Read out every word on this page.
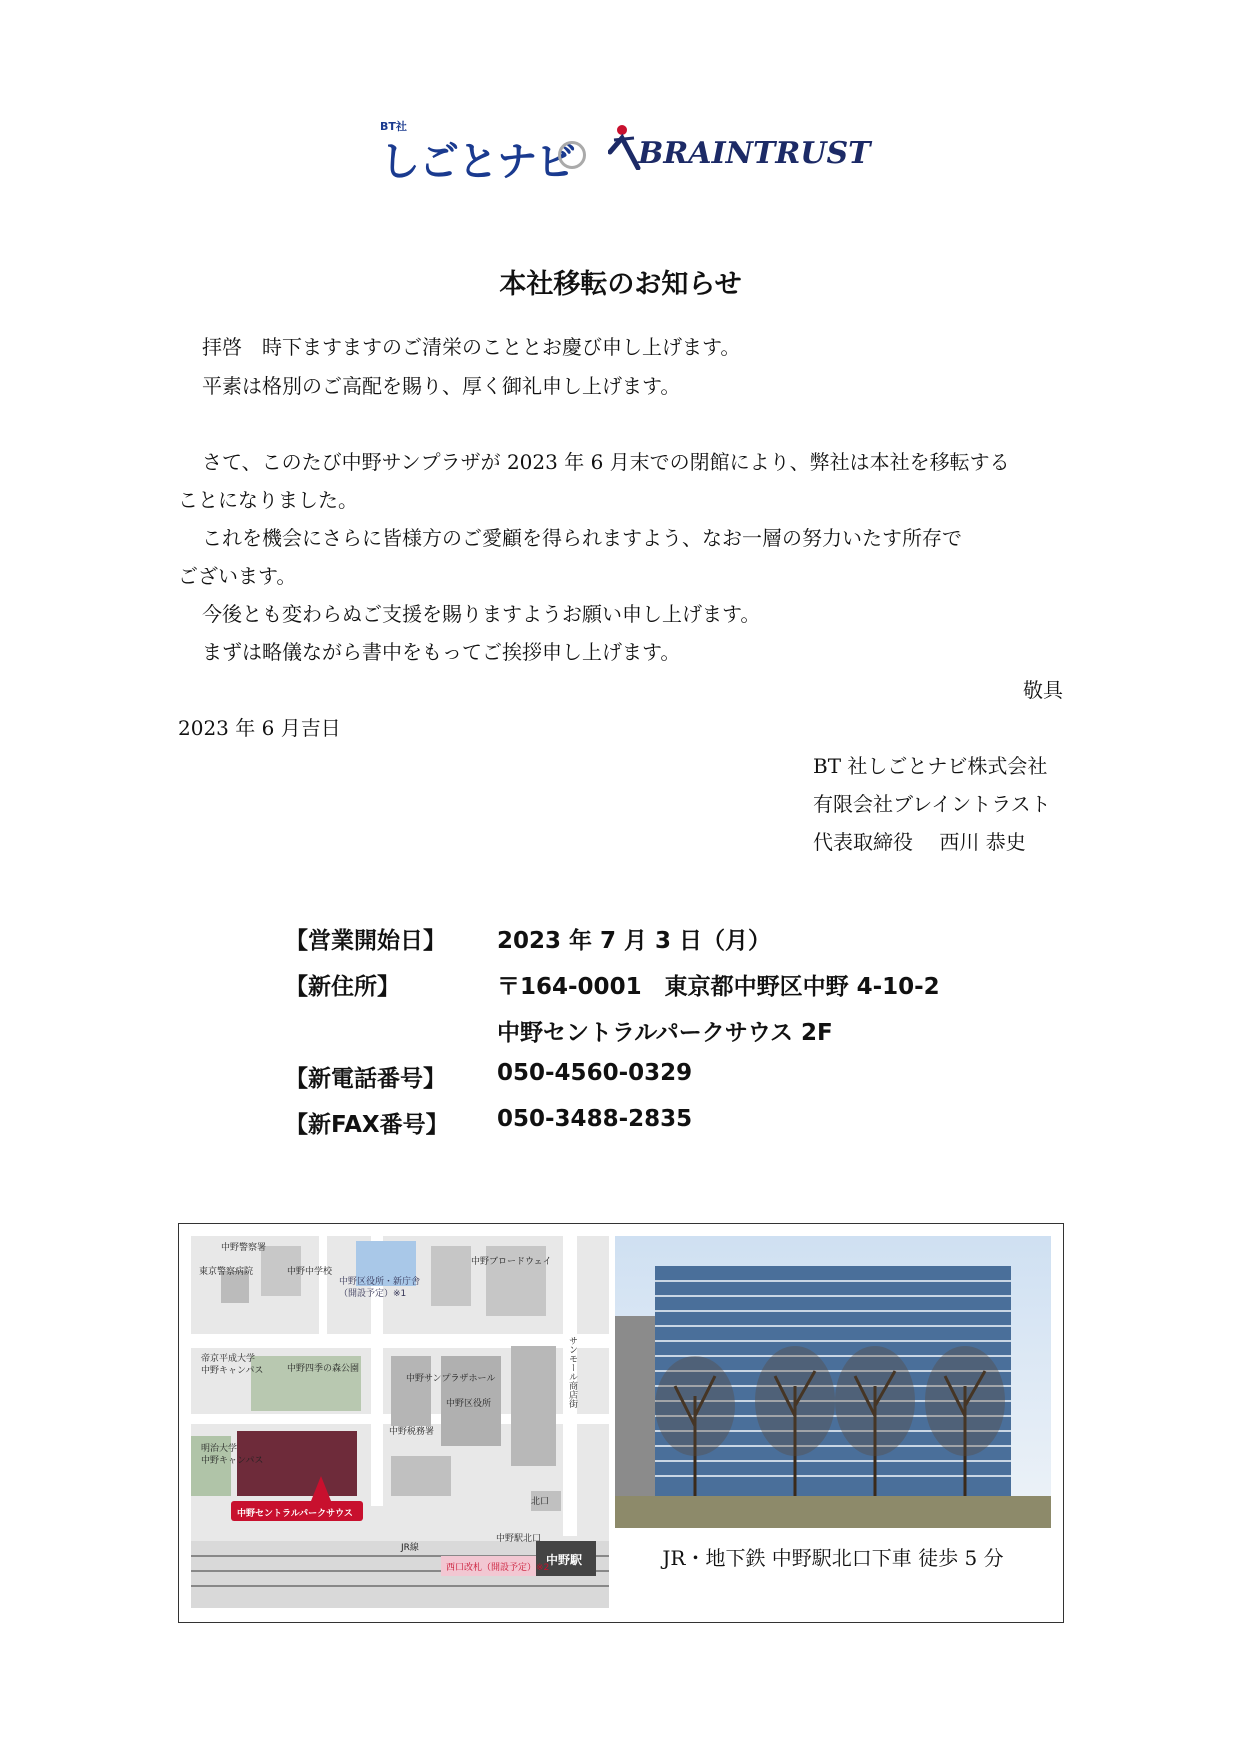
BT社
しごとナビ BRAINTRUST
本社移転のお知らせ
拝啓　時下ますますのご清栄のこととお慶び申し上げます。
平素は格別のご高配を賜り、厚く御礼申し上げます。
さて、このたび中野サンプラザが 2023 年 6 月末での閉館により、弊社は本社を移転する
ことになりました。
これを機会にさらに皆様方のご愛顧を得られますよう、なお一層の努力いたす所存で
ございます。
今後とも変わらぬご支援を賜りますようお願い申し上げます。
まずは略儀ながら書中をもってご挨拶申し上げます。
敬具
2023 年 6 月吉日
BT 社しごとナビ株式会社
有限会社ブレイントラスト
代表取締役　 西川 恭史
【営業開始日】 2023 年 7 月 3 日（月）
【新住所】	〒164-0001　東京都中野区中野 4-10-2
中野セントラルパークサウス 2F
【新電話番号】 050-4560-0329
【新FAX番号】 050-3488-2835
中野警察署
東京警察病院	中野中学校
中野ブロードウェイ
中野区役所・新庁舎
（開設予定）※1
帝京平成大学
中野キャンパス	中野四季の森公園
中野サンプラザホール	サンモール商店街
中野区役所
中野税務署
明治大学
中野キャンパス
北口
中野駅北口
中野セントラルパークサウス
西口改札（開設予定）※2
中野駅
JR線	JR・地下鉄 中野駅北口下車 徒歩 5 分
